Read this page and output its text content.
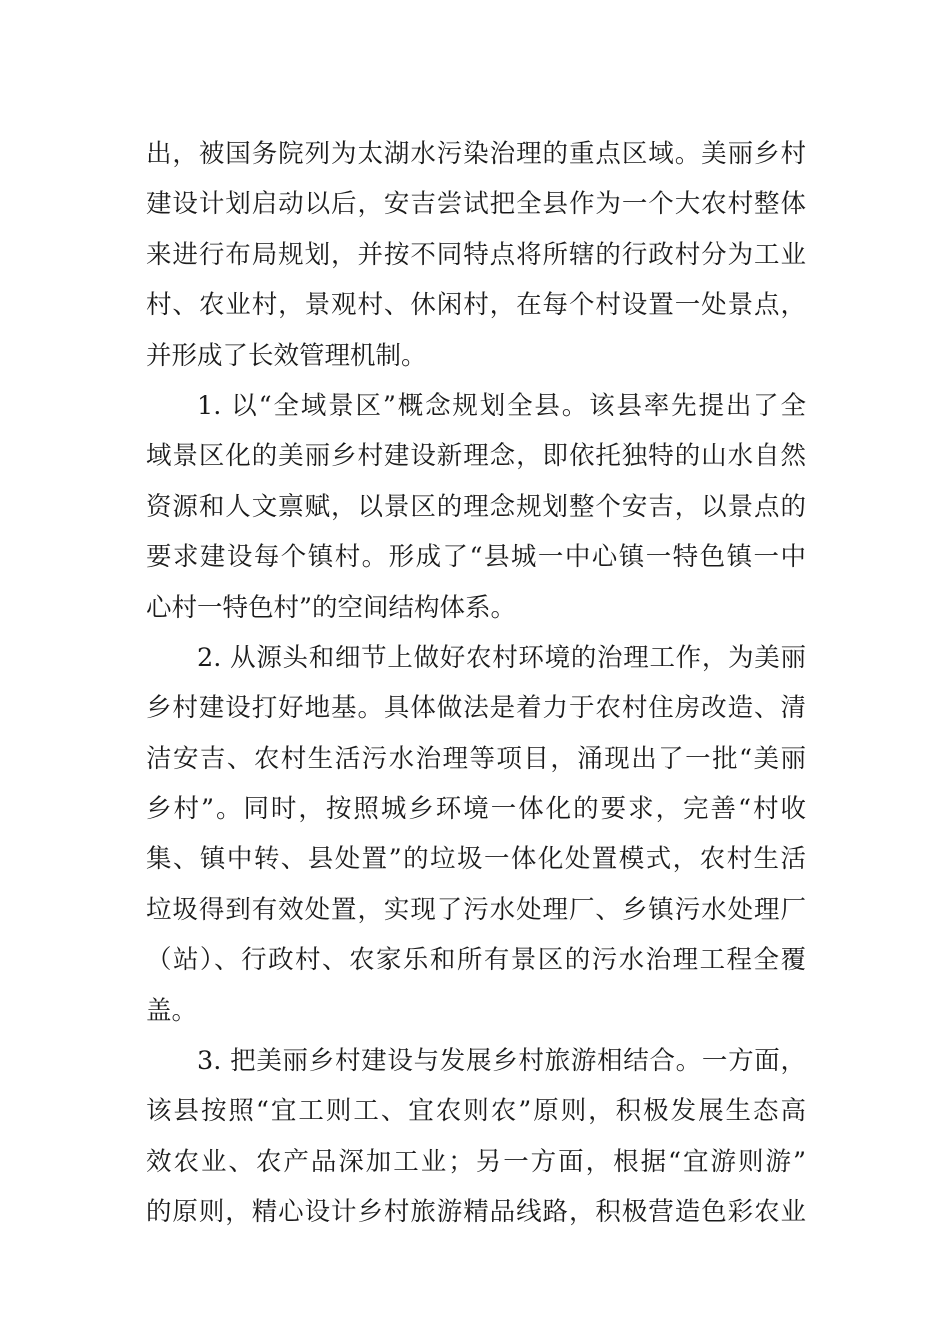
出，被国务院列为太湖水污染治理的重点区域。美丽乡村
建设计划启动以后，安吉尝试把全县作为一个大农村整体
来进行布局规划，并按不同特点将所辖的行政村分为工业
村、农业村，景观村、休闲村，在每个村设置一处景点，
并形成了长效管理机制。
1. 以“全域景区”概念规划全县。该县率先提出了全
域景区化的美丽乡村建设新理念，即依托独特的山水自然
资源和人文禀赋，以景区的理念规划整个安吉，以景点的
要求建设每个镇村。形成了“县城一中心镇一特色镇一中
心村一特色村”的空间结构体系。
2. 从源头和细节上做好农村环境的治理工作，为美丽
乡村建设打好地基。具体做法是着力于农村住房改造、清
洁安吉、农村生活污水治理等项目，涌现出了一批“美丽
乡村”。同时，按照城乡环境一体化的要求，完善“村收
集、镇中转、县处置”的垃圾一体化处置模式，农村生活
垃圾得到有效处置，实现了污水处理厂、乡镇污水处理厂
（站）、行政村、农家乐和所有景区的污水治理工程全覆
盖。
3. 把美丽乡村建设与发展乡村旅游相结合。一方面，
该县按照“宜工则工、宜农则农”原则，积极发展生态高
效农业、农产品深加工业；另一方面，根据“宜游则游”
的原则，精心设计乡村旅游精品线路，积极营造色彩农业
